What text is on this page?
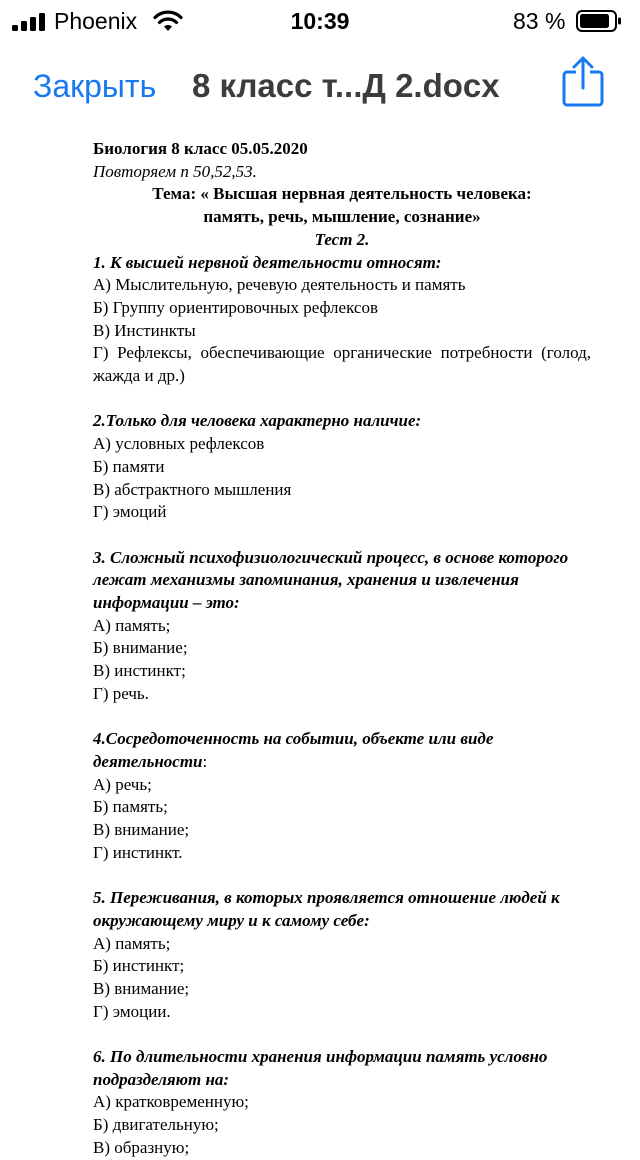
Phoenix	10:39	83 %
Закрыть 8 класс т...Д 2.docx

Биология 8 класс 05.05.2020

Повторяем п 50,52,53.

Тема: « Высшая нервная деятельность человека:

память, речь, мышление, сознание»

Тест 2.

1. К высшей нервной деятельности относят:

А) Мыслительную, речевую деятельность и память

Б) Группу ориентировочных рефлексов

В) Инстинкты

Г) Рефлексы, обеспечивающие органические потребности (голод, жажда и др.)

2.Только для человека характерно наличие:

А) условных рефлексов

Б) памяти

В) абстрактного мышления

Г) эмоций

3. Сложный психофизиологический процесс, в основе которого лежат механизмы запоминания, хранения и извлечения информации – это:

А) память;

Б) внимание;

В) инстинкт;

Г) речь.

4.Сосредоточенность на событии, объекте или виде деятельности:

А) речь;

Б) память;

В) внимание;

Г) инстинкт.

5. Переживания, в которых проявляется отношение людей к окружающему миру и к самому себе:

А) память;

Б) инстинкт;

В) внимание;

Г) эмоции.

6. По длительности хранения информации память условно подразделяют на:

А) кратковременную;

Б) двигательную;

В) образную;
